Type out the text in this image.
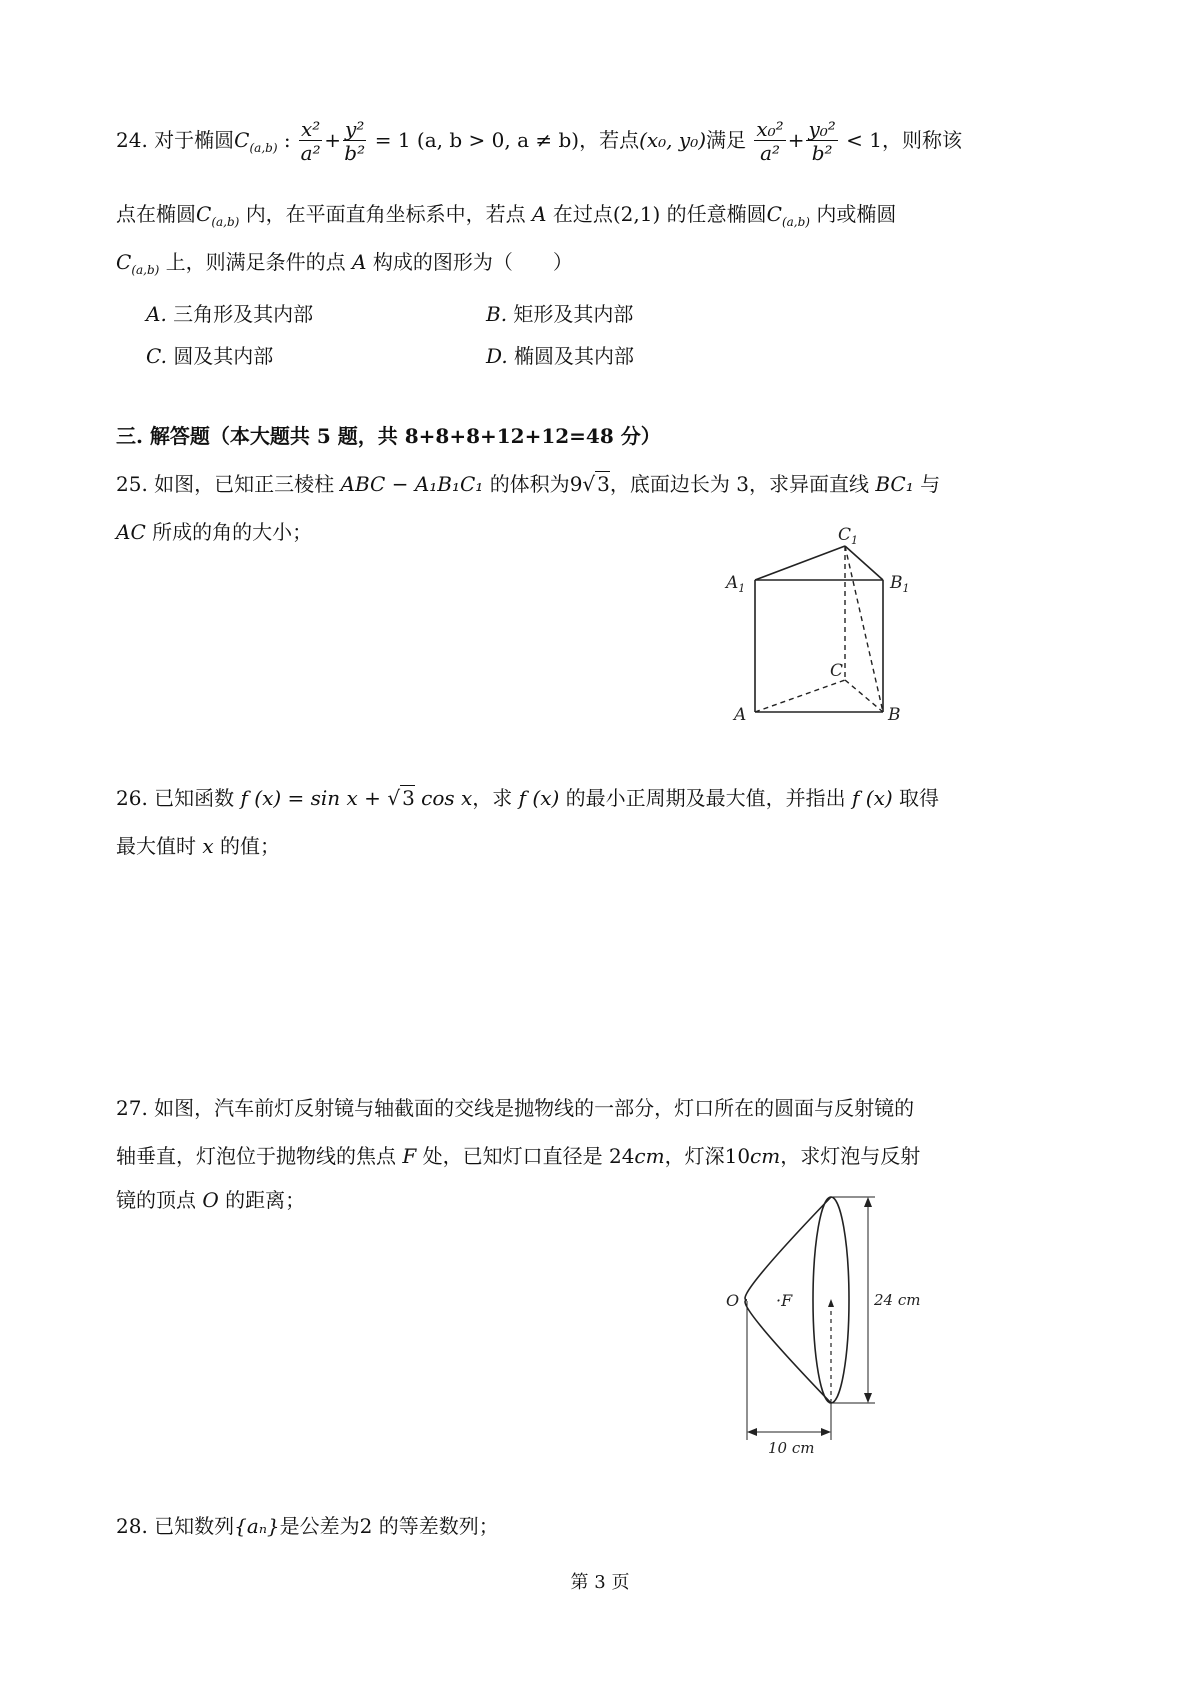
24. 对于椭圆$C_{(a,b)}$ : $\frac{\text{x²}}{\text{a²}} + \frac{\text{y²}}{\text{b²}} = 1$ (a, b > 0, a ≠ b)，若点(x₀, y₀)满足 $\frac{\text{x₀²}}{\text{a²}} + \frac{\text{y₀²}}{\text{b²}} < 1$，则称该
点在椭圆$C_{(a,b)}$ 内，在平面直角坐标系中，若点 A 在过点(2,1) 的任意椭圆$C_{(a,b)}$ 内或椭圆
$C_{(a,b)}$ 上，则满足条件的点 A 构成的图形为（　　）
A. 三角形及其内部	B. 矩形及其内部
C. 圆及其内部	D. 椭圆及其内部
三. 解答题（本大题共 5 题，共 8+8+8+12+12=48 分）
25. 如图，已知正三棱柱 ABC − A₁B₁C₁ 的体积为9√ 3，底面边长为 3，求异面直线 BC₁ 与
AC 所成的角的大小；	$C_1$
$A_1$	$B_1$
C
A	B
26. 已知函数 f (x) = sin x + √ 3 cos x，求 f (x) 的最小正周期及最大值，并指出 f (x) 取得
最大值时 x 的值；
27. 如图，汽车前灯反射镜与轴截面的交线是抛物线的一部分，灯口所在的圆面与反射镜的
轴垂直，灯泡位于抛物线的焦点 F 处，已知灯口直径是 24cm，灯深10cm，求灯泡与反射
镜的顶点 O 的距离；
O ·F	24 cm
10 cm
28. 已知数列{aₙ}是公差为2 的等差数列；
第 3 页
